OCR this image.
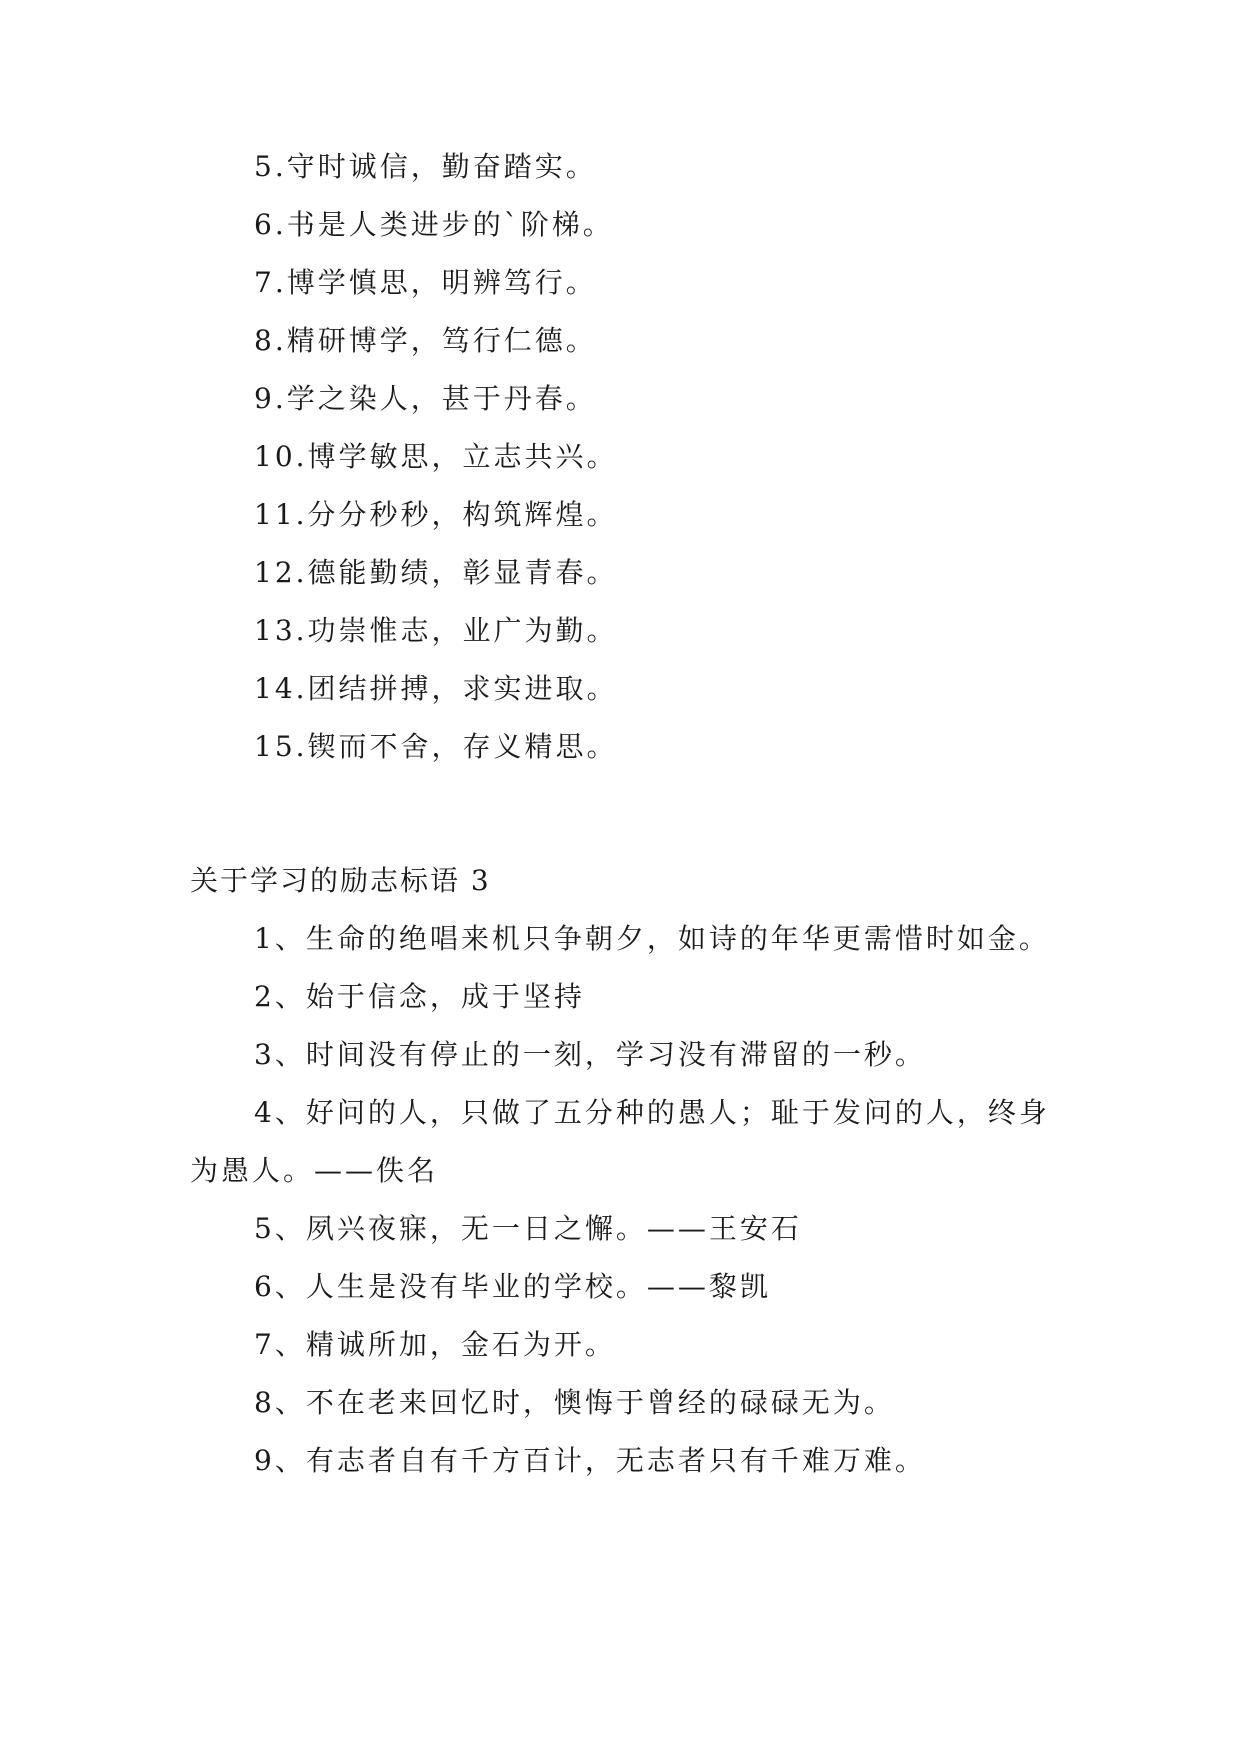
5.守时诚信，勤奋踏实。
6.书是人类进步的`阶梯。
7.博学慎思，明辨笃行。
8.精研博学，笃行仁德。
9.学之染人，甚于丹春。
10.博学敏思，立志共兴。
11.分分秒秒，构筑辉煌。
12.德能勤绩，彰显青春。
13.功崇惟志，业广为勤。
14.团结拼搏，求实进取。
15.锲而不舍，存义精思。
关于学习的励志标语 3
1、生命的绝唱来机只争朝夕，如诗的年华更需惜时如金。
2、始于信念，成于坚持
3、时间没有停止的一刻，学习没有滞留的一秒。
4、好问的人，只做了五分种的愚人；耻于发问的人，终身为愚人。——佚名
5、夙兴夜寐，无一日之懈。——王安石
6、人生是没有毕业的学校。——黎凯
7、精诚所加，金石为开。
8、不在老来回忆时，懊悔于曾经的碌碌无为。
9、有志者自有千方百计，无志者只有千难万难。
